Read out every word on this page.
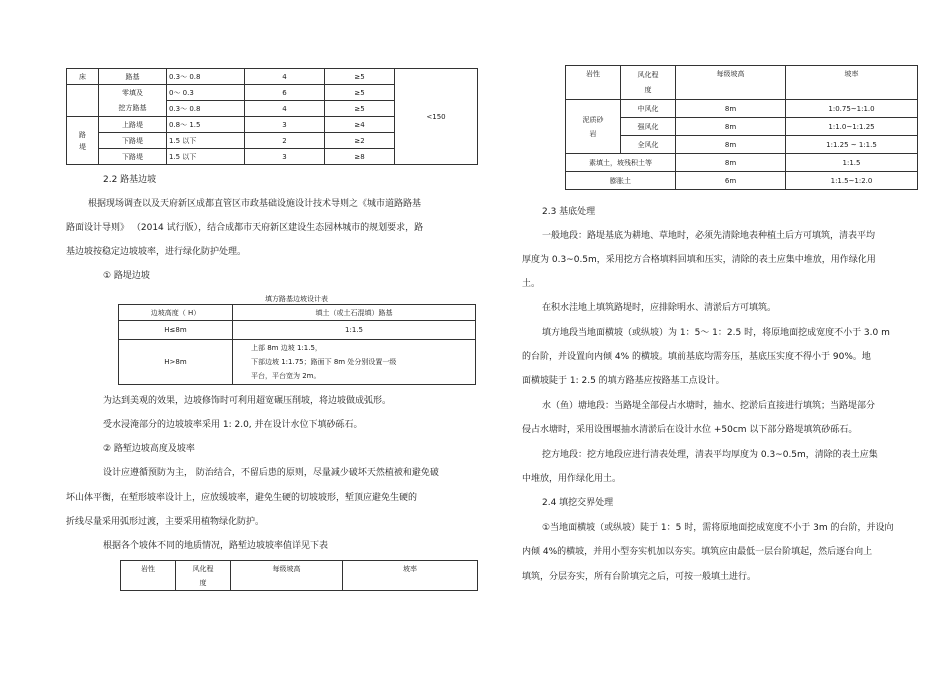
床	路基	0.3～ 0.8	4	≥5	<150
	零填及	0～ 0.3	6	≥5	
	挖方路基	0.3～ 0.8	4	≥5	

路
堤	上路堤	0.8～ 1.5	3	≥4	
	下路堤	1.5 以下	2	≥2	
	下路堤	1.5 以下	3	≥8	
2.2 路基边坡
根据现场调查以及天府新区成都直管区市政基础设施设计技术导则之《城市道路路基
路面设计导则》 （2014 试行版），结合成都市天府新区建设生态园林城市的规划要求，路
基边坡按稳定边坡坡率，进行绿化防护处理。
① 路堤边坡
填方路基边坡设计表
边坡高度（ H）	填土（或土石混填）路基
H≤8m	1:1.5
H>8m	上部 8m 边坡 1:1.5，
下部边坡 1:1.75；路面下 8m 处分别设置一级
平台，平台宽为 2m。
为达到美观的效果，边坡修饰时可利用超宽碾压削坡，将边坡做成弧形。
受水浸淹部分的边坡坡率采用 1: 2.0, 并在设计水位下填砂砾石。
② 路堑边坡高度及坡率
设计应遵循预防为主， 防治结合，不留后患的原则，尽量减少破坏天然植被和避免破
坏山体平衡，在堑形坡率设计上，应放缓坡率，避免生硬的切坡坡形，堑顶应避免生硬的
折线尽量采用弧形过渡，主要采用植物绿化防护。
根据各个坡体不同的地质情况，路堑边坡坡率值详见下表
岩性	风化程
度
	每级坡高	坡率
岩性	风化程
度	每级坡高	坡率

泥质砂
岩	中风化	8m	1:0.75~1:1.0
	强风化	8m	1:1.0~1:1.25
	全风化	8m	1:1.25 ~ 1:1.5
素填土，坡残积土等		8m	1:1.5
膨胀土		6m	1:1.5~1:2.0
2.3 基底处理
一般地段：路堤基底为耕地、草地时，必须先清除地表种植土后方可填筑，清表平均
厚度为 0.3~0.5m，采用挖方合格填料回填和压实，清除的表土应集中堆放，用作绿化用
土。
在积水洼地上填筑路堤时，应排除明水、清淤后方可填筑。
填方地段当地面横坡（或纵坡）为 1：5～ 1：2.5 时，将原地面挖成宽度不小于 3.0 m
的台阶，并设置向内倾 4% 的横坡。填前基底均需夯压，基底压实度不得小于 90%。地
面横坡陡于 1: 2.5 的填方路基应按路基工点设计。
水（鱼）塘地段：当路堤全部侵占水塘时，抽水、挖淤后直接进行填筑；当路堤部分
侵占水塘时，采用设围堰抽水清淤后在设计水位 +50cm 以下部分路堤填筑砂砾石。
挖方地段：挖方地段应进行清表处理，清表平均厚度为 0.3~0.5m，清除的表土应集
中堆放，用作绿化用土。
2.4 填挖交界处理
①当地面横坡（或纵坡）陡于 1：5 时，需将原地面挖成宽度不小于 3m 的台阶，并设向
内倾 4%的横坡，并用小型夯实机加以夯实。填筑应由最低一层台阶填起，然后逐台向上
填筑，分层夯实，所有台阶填完之后，可按一般填土进行。
